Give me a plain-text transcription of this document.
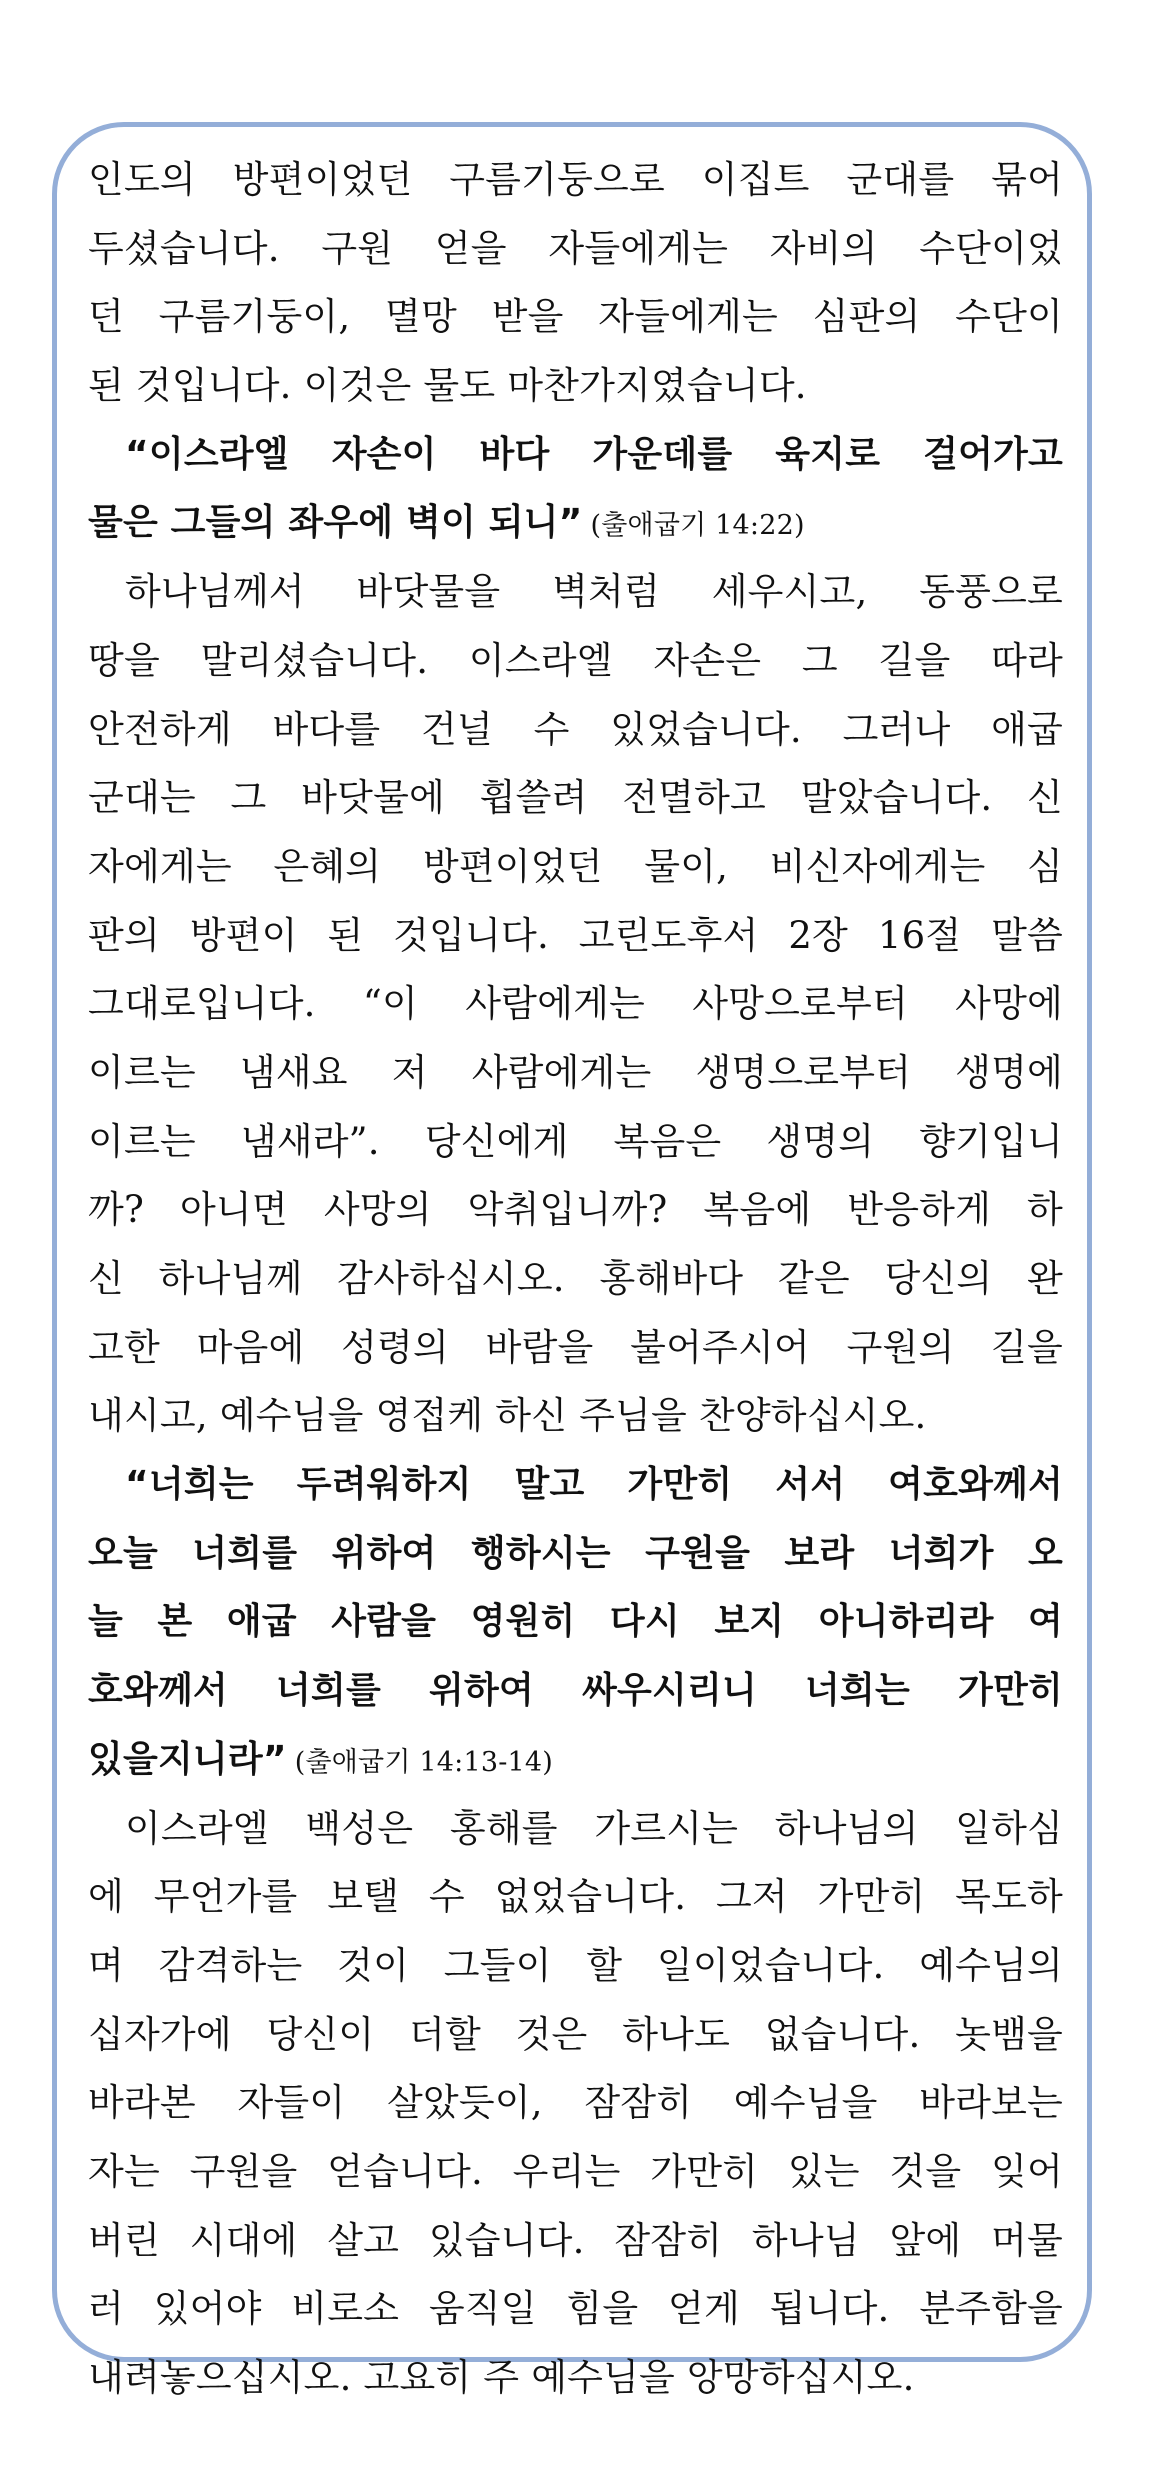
인도의 방편이었던 구름기둥으로 이집트 군대를 묶어
두셨습니다. 구원 얻을 자들에게는 자비의 수단이었
던 구름기둥이, 멸망 받을 자들에게는 심판의 수단이
된 것입니다. 이것은 물도 마찬가지였습니다.
“이스라엘 자손이 바다 가운데를 육지로 걸어가고
물은 그들의 좌우에 벽이 되니” (출애굽기 14:22)
하나님께서 바닷물을 벽처럼 세우시고, 동풍으로
땅을 말리셨습니다. 이스라엘 자손은 그 길을 따라
안전하게 바다를 건널 수 있었습니다. 그러나 애굽
군대는 그 바닷물에 휩쓸려 전멸하고 말았습니다. 신
자에게는 은혜의 방편이었던 물이, 비신자에게는 심
판의 방편이 된 것입니다. 고린도후서 2장 16절 말씀
그대로입니다. “이 사람에게는 사망으로부터 사망에
이르는 냄새요 저 사람에게는 생명으로부터 생명에
이르는 냄새라”. 당신에게 복음은 생명의 향기입니
까? 아니면 사망의 악취입니까? 복음에 반응하게 하
신 하나님께 감사하십시오. 홍해바다 같은 당신의 완
고한 마음에 성령의 바람을 불어주시어 구원의 길을
내시고, 예수님을 영접케 하신 주님을 찬양하십시오.
“너희는 두려워하지 말고 가만히 서서 여호와께서
오늘 너희를 위하여 행하시는 구원을 보라 너희가 오
늘 본 애굽 사람을 영원히 다시 보지 아니하리라 여
호와께서 너희를 위하여 싸우시리니 너희는 가만히
있을지니라” (출애굽기 14:13-14)
이스라엘 백성은 홍해를 가르시는 하나님의 일하심
에 무언가를 보탤 수 없었습니다. 그저 가만히 목도하
며 감격하는 것이 그들이 할 일이었습니다. 예수님의
십자가에 당신이 더할 것은 하나도 없습니다. 놋뱀을
바라본 자들이 살았듯이, 잠잠히 예수님을 바라보는
자는 구원을 얻습니다. 우리는 가만히 있는 것을 잊어
버린 시대에 살고 있습니다. 잠잠히 하나님 앞에 머물
러 있어야 비로소 움직일 힘을 얻게 됩니다. 분주함을
내려놓으십시오. 고요히 주 예수님을 앙망하십시오.
